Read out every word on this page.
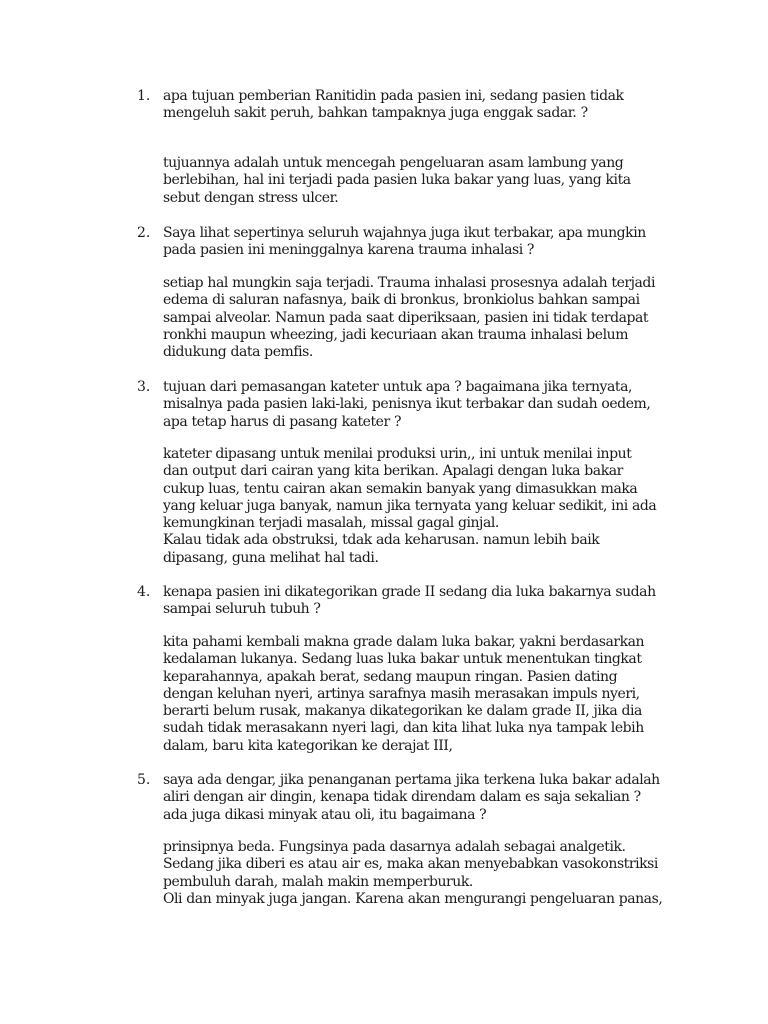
1. apa tujuan pemberian Ranitidin pada pasien ini, sedang pasien tidak
mengeluh sakit peruh, bahkan tampaknya juga enggak sadar. ?
tujuannya adalah untuk mencegah pengeluaran asam lambung yang
berlebihan, hal ini terjadi pada pasien luka bakar yang luas, yang kita
sebut dengan stress ulcer.
2. Saya lihat sepertinya seluruh wajahnya juga ikut terbakar, apa mungkin
pada pasien ini meninggalnya karena trauma inhalasi ?
setiap hal mungkin saja terjadi. Trauma inhalasi prosesnya adalah terjadi
edema di saluran nafasnya, baik di bronkus, bronkiolus bahkan sampai
sampai alveolar. Namun pada saat diperiksaan, pasien ini tidak terdapat
ronkhi maupun wheezing, jadi kecuriaan akan trauma inhalasi belum
didukung data pemfis.
3. tujuan dari pemasangan kateter untuk apa ? bagaimana jika ternyata,
misalnya pada pasien laki-laki, penisnya ikut terbakar dan sudah oedem,
apa tetap harus di pasang kateter ?
kateter dipasang untuk menilai produksi urin,, ini untuk menilai input
dan output dari cairan yang kita berikan. Apalagi dengan luka bakar
cukup luas, tentu cairan akan semakin banyak yang dimasukkan maka
yang keluar juga banyak, namun jika ternyata yang keluar sedikit, ini ada
kemungkinan terjadi masalah, missal gagal ginjal.
Kalau tidak ada obstruksi, tdak ada keharusan. namun lebih baik
dipasang, guna melihat hal tadi.
4. kenapa pasien ini dikategorikan grade II sedang dia luka bakarnya sudah
sampai seluruh tubuh ?
kita pahami kembali makna grade dalam luka bakar, yakni berdasarkan
kedalaman lukanya. Sedang luas luka bakar untuk menentukan tingkat
keparahannya, apakah berat, sedang maupun ringan. Pasien dating
dengan keluhan nyeri, artinya sarafnya masih merasakan impuls nyeri,
berarti belum rusak, makanya dikategorikan ke dalam grade II, jika dia
sudah tidak merasakann nyeri lagi, dan kita lihat luka nya tampak lebih
dalam, baru kita kategorikan ke derajat III,
5. saya ada dengar, jika penanganan pertama jika terkena luka bakar adalah
aliri dengan air dingin, kenapa tidak direndam dalam es saja sekalian ?
ada juga dikasi minyak atau oli, itu bagaimana ?
prinsipnya beda. Fungsinya pada dasarnya adalah sebagai analgetik.
Sedang jika diberi es atau air es, maka akan menyebabkan vasokonstriksi
pembuluh darah, malah makin memperburuk.
Oli dan minyak juga jangan. Karena akan mengurangi pengeluaran panas,
